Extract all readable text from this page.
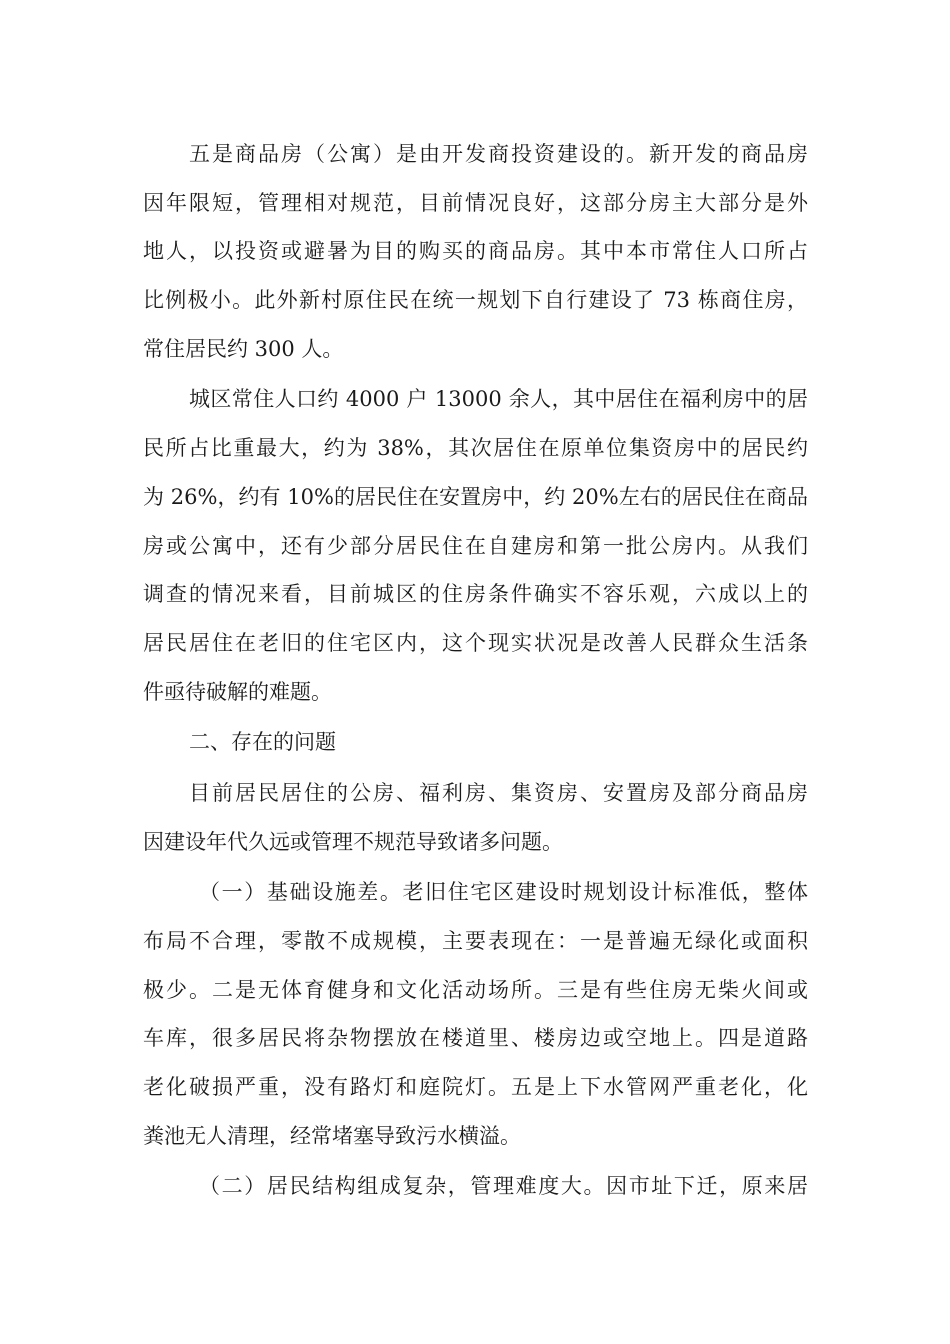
五是商品房（公寓）是由开发商投资建设的。新开发的商品房
因年限短，管理相对规范，目前情况良好，这部分房主大部分是外
地人，以投资或避暑为目的购买的商品房。其中本市常住人口所占
比例极小。此外新村原住民在统一规划下自行建设了 73 栋商住房，
常住居民约 300 人。
城区常住人口约 4000 户 13000 余人，其中居住在福利房中的居
民所占比重最大，约为 38%，其次居住在原单位集资房中的居民约
为 26%，约有 10%的居民住在安置房中，约 20%左右的居民住在商品
房或公寓中，还有少部分居民住在自建房和第一批公房内。从我们
调查的情况来看，目前城区的住房条件确实不容乐观，六成以上的
居民居住在老旧的住宅区内，这个现实状况是改善人民群众生活条
件亟待破解的难题。
二、存在的问题
目前居民居住的公房、福利房、集资房、安置房及部分商品房
因建设年代久远或管理不规范导致诸多问题。
（一）基础设施差。老旧住宅区建设时规划设计标准低，整体
布局不合理，零散不成规模，主要表现在：一是普遍无绿化或面积
极少。二是无体育健身和文化活动场所。三是有些住房无柴火间或
车库，很多居民将杂物摆放在楼道里、楼房边或空地上。四是道路
老化破损严重，没有路灯和庭院灯。五是上下水管网严重老化，化
粪池无人清理，经常堵塞导致污水横溢。
（二）居民结构组成复杂，管理难度大。因市址下迁，原来居
